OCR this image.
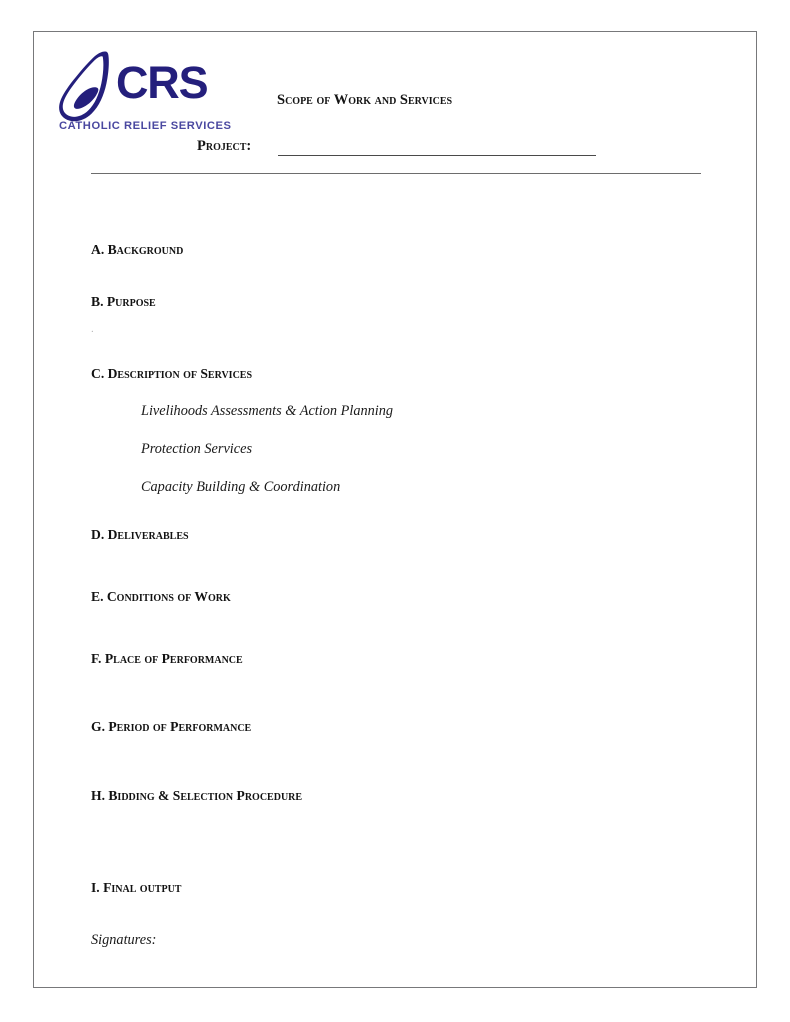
CRS
CATHOLIC RELIEF SERVICES
Scope of Work and Services
Project:
A. Background
B. Purpose
.
C. Description of Services
Livelihoods Assessments & Action Planning
Protection Services
Capacity Building & Coordination
D. Deliverables
E. Conditions of Work
F. Place of Performance
G. Period of Performance
H. Bidding & Selection Procedure
I. Final output
Signatures:
